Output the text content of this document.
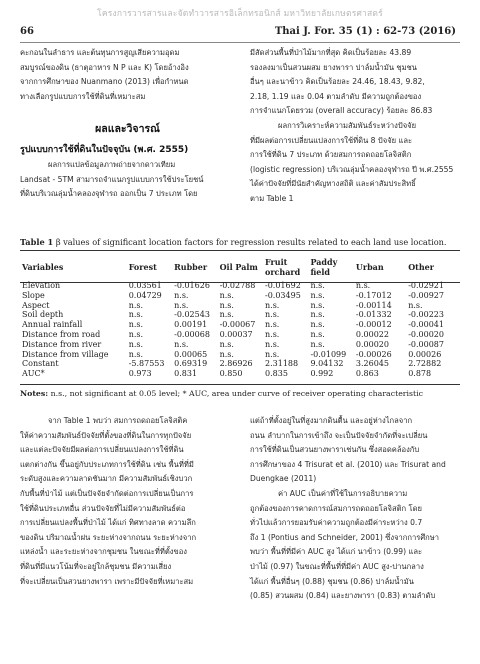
โครงการวารสารและจัดทำวารสารอิเล็กทรอนิกส์ มหาวิทยาลัยเกษตรศาสตร์
66	Thai J. For. 35 (1) : 62-73 (2016)

คะกอนในลำธาร และต้นทุนการสูญเสียความอุดม

สมบูรณ์ของดิน (ธาตุอาหาร N P และ K) โดยอ้างอิง

จากการศึกษาของ Nuanmano (2013) เพื่อกำหนด

ทางเลือกรูปแบบการใช้ที่ดินที่เหมาะสม

ผลและวิจารณ์
รูปแบบการใช้ที่ดินในปัจจุบัน (พ.ศ. 2555)

ผลการแปลข้อมูลภาพถ่ายจากดาวเทียม

Landsat - 5TM สามารถจำแนกรูปแบบการใช้ประโยชน์

ที่ดินบริเวณลุ่มน้ำคลองจุฬารถ ออกเป็น 7 ประเภท โดย

มีสัดส่วนพื้นที่ป่าไม้มากที่สุด คิดเป็นร้อยละ 43.89

รองลงมาเป็นสวนผสม ยางพารา ปาล์มน้ำมัน ชุมชน

อื่นๆ และนาข้าว คิดเป็นร้อยละ 24.46, 18.43, 9.82,

2.18, 1.19 และ 0.04 ตามลำดับ มีความถูกต้องของ

การจำแนกโดยรวม (overall accuracy) ร้อยละ 86.83

ผลการวิเคราะห์ความสัมพันธ์ระหว่างปัจจัย

ที่มีผลต่อการเปลี่ยนแปลงการใช้ที่ดิน 8 ปัจจัย และ

การใช้ที่ดิน 7 ประเภท ด้วยสมการถดถอยโลจิสติก

(logistic regression) บริเวณลุ่มน้ำคลองจุฬารถ ปี พ.ศ.2555

ได้ค่าปัจจัยที่มีนัยสำคัญทางสถิติ และค่าสัมประสิทธิ์

ตาม Table 1

Table 1 β values of significant location factors for regression results related to each land use location.
Variables	Forest	Rubber	Oil Palm	Fruit orchard	Paddy field	Urban	Other
Elevation	0.03561	-0.01626	-0.02788	-0.01692	n.s.	n.s.	-0.02921
Slope	0.04729	n.s.	n.s.	-0.03495	n.s.	-0.17012	-0.00927
Aspect	n.s.	n.s.	n.s.	n.s.	n.s.	-0.00114	n.s.
Soil depth	n.s.	-0.02543	n.s.	n.s.	n.s.	-0.01332	-0.00223
Annual rainfall	n.s.	0.00191	-0.00067	n.s.	n.s.	-0.00012	-0.00041
Distance from road	n.s.	-0.00068	0.00037	n.s.	n.s.	0.00022	-0.00020
Distance from river	n.s.	n.s.	n.s.	n.s.	n.s.	0.00020	-0.00087
Distance from village	n.s.	0.00065	n.s.	n.s.	-0.01099	-0.00026	0.00026
Constant	-5.87553	0.69319	2.86926	2.31188	9.04132	3.26045	2.72882
AUC*	0.973	0.831	0.850	0.835	0.992	0.863	0.878
Notes: n.s., not significant at 0.05 level; * AUC, area under curve of receiver operating characteristic

จาก Table 1 พบว่า สมการถดถอยโลจิสติค

ให้ค่าความสัมพันธ์ปัจจัยที่ตั้งของที่ดินในการทุกปัจจัย

และแต่ละปัจจัยมีผลต่อการเปลี่ยนแปลงการใช้ที่ดิน

แตกต่างกัน ขึ้นอยู่กับประเภทการใช้ที่ดิน เช่น พื้นที่ที่มี

ระดับสูงและความลาดชันมาก มีความสัมพันธ์เชิงบวก

กับพื้นที่ป่าไม้ แต่เป็นปัจจัยจำกัดต่อการเปลี่ยนเป็นการ

ใช้ที่ดินประเภทอื่น ส่วนปัจจัยที่ไม่มีความสัมพันธ์ต่อ

การเปลี่ยนแปลงพื้นที่ป่าไม้ ได้แก่ ทิศทางลาด ความลึก

ของดิน ปริมาณน้ำฝน ระยะห่างจากถนน ระยะห่างจาก

แหล่งน้ำ และระยะห่างจากชุมชน ในขณะที่ที่ตั้งของ

ที่ดินที่มีแนวโน้มที่จะอยู่ใกล้ชุมชน มีความเสี่ยง

ที่จะเปลี่ยนเป็นสวนยางพารา เพราะมีปัจจัยที่เหมาะสม

แต่ถ้าที่ตั้งอยู่ในที่สูงมากดินตื้น และอยู่ห่างไกลจาก

ถนน ลำบากในการเข้าถึง จะเป็นปัจจัยจำกัดที่จะเปลี่ยน

การใช้ที่ดินเป็นสวนยางพาราเช่นกัน ซึ่งสอดคล้องกับ

การศึกษาของ 4 Trisurat et al. (2010) และ Trisurat and

Duengkae (2011)

ค่า AUC เป็นค่าที่ใช้ในการอธิบายความ

ถูกต้องของการคาดการณ์สมการถดถอยโลจิสติก โดย

ทั่วไปแล้วการยอมรับค่าความถูกต้องมีค่าระหว่าง 0.7

ถึง 1 (Pontius and Schneider, 2001) ซึ่งจากการศึกษา

พบว่า พื้นที่ที่มีค่า AUC สูง ได้แก่ นาข้าว (0.99) และ

ป่าไม้ (0.97) ในขณะที่พื้นที่ที่มีค่า AUC สูง-ปานกลาง

ได้แก่ พื้นที่อื่นๆ (0.88) ชุมชน (0.86) ปาล์มน้ำมัน

(0.85) สวนผสม (0.84) และยางพารา (0.83) ตามลำดับ
